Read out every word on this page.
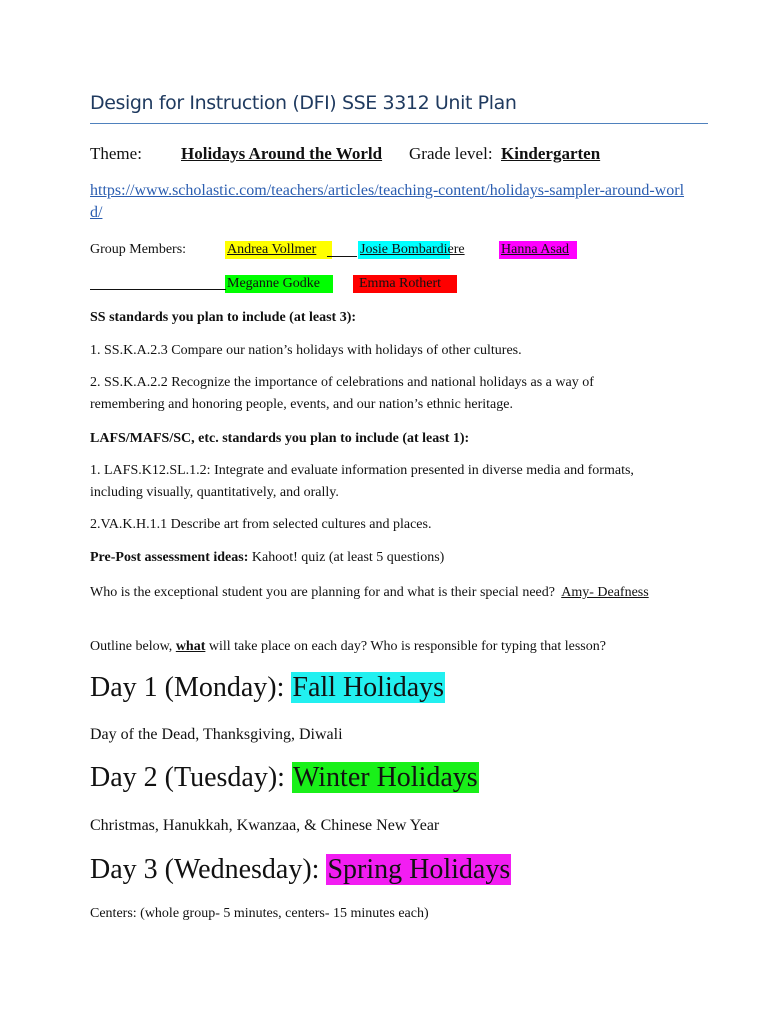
Design for Instruction (DFI) SSE 3312 Unit Plan
Theme: Holidays Around the World Grade level: Kindergarten
https://www.scholastic.com/teachers/articles/teaching-content/holidays-sampler-around-world/
Group Members:	Andrea Vollmer	Josie Bombardiere	Hanna Asad
Meganne Godke	Emma Rothert
SS standards you plan to include (at least 3):
1. SS.K.A.2.3 Compare our nation’s holidays with holidays of other cultures.
2. SS.K.A.2.2 Recognize the importance of celebrations and national holidays as a way of remembering and honoring people, events, and our nation’s ethnic heritage.
LAFS/MAFS/SC, etc. standards you plan to include (at least 1):
1. LAFS.K12.SL.1.2: Integrate and evaluate information presented in diverse media and formats, including visually, quantitatively, and orally.
2.VA.K.H.1.1 Describe art from selected cultures and places.
Pre-Post assessment ideas: Kahoot! quiz (at least 5 questions)
Who is the exceptional student you are planning for and what is their special need? Amy- Deafness
Outline below, what will take place on each day? Who is responsible for typing that lesson?
Day 1 (Monday): Fall Holidays
Day of the Dead, Thanksgiving, Diwali
Day 2 (Tuesday): Winter Holidays
Christmas, Hanukkah, Kwanzaa, & Chinese New Year
Day 3 (Wednesday): Spring Holidays
Centers: (whole group- 5 minutes, centers- 15 minutes each)
